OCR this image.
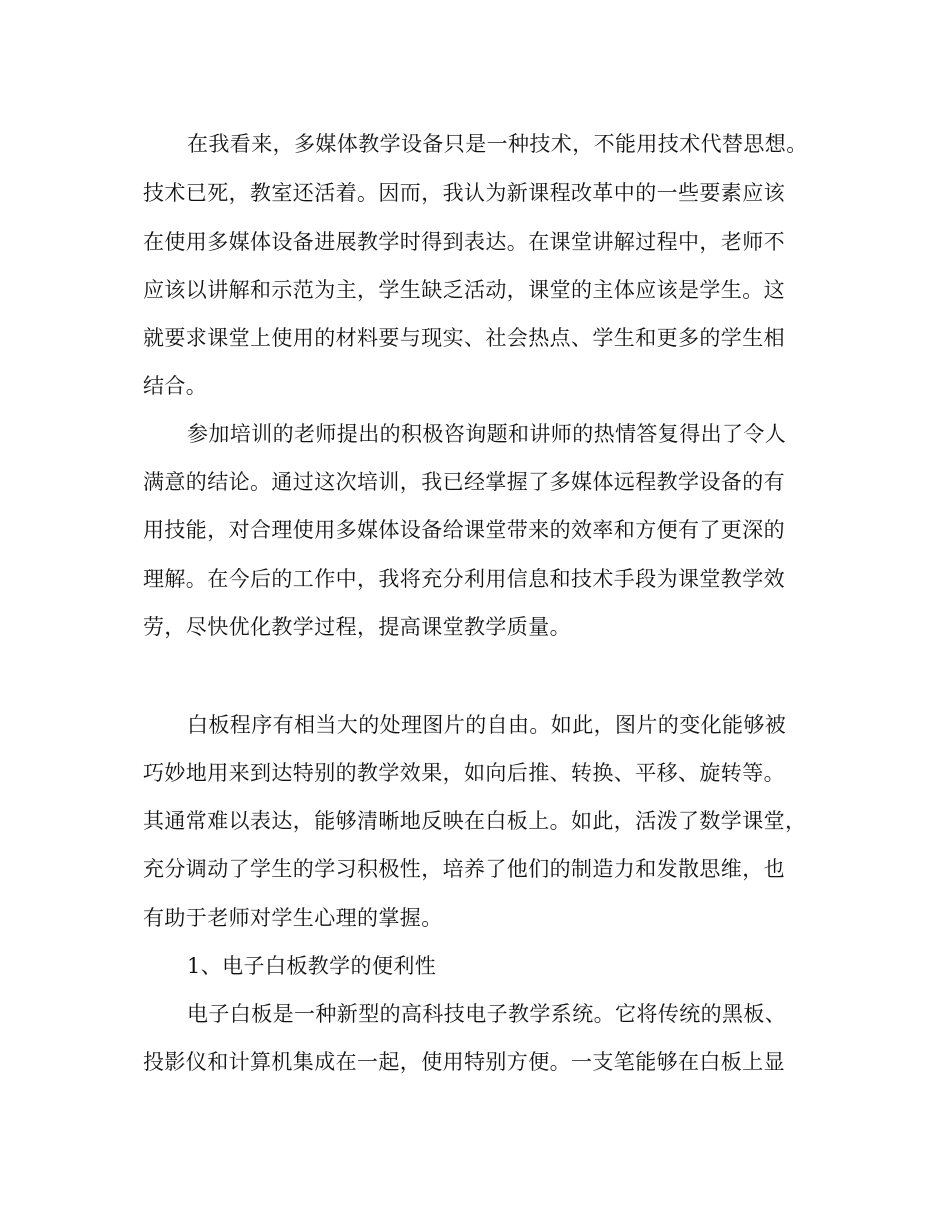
在我看来，多媒体教学设备只是一种技术，不能用技术代替思想。

技术已死，教室还活着。因而，我认为新课程改革中的一些要素应该

在使用多媒体设备进展教学时得到表达。在课堂讲解过程中，老师不

应该以讲解和示范为主，学生缺乏活动，课堂的主体应该是学生。这

就要求课堂上使用的材料要与现实、社会热点、学生和更多的学生相

结合。

参加培训的老师提出的积极咨询题和讲师的热情答复得出了令人

满意的结论。通过这次培训，我已经掌握了多媒体远程教学设备的有

用技能，对合理使用多媒体设备给课堂带来的效率和方便有了更深的

理解。在今后的工作中，我将充分利用信息和技术手段为课堂教学效

劳，尽快优化教学过程，提高课堂教学质量。

白板程序有相当大的处理图片的自由。如此，图片的变化能够被

巧妙地用来到达特别的教学效果，如向后推、转换、平移、旋转等。

其通常难以表达，能够清晰地反映在白板上。如此，活泼了数学课堂，

充分调动了学生的学习积极性，培养了他们的制造力和发散思维，也

有助于老师对学生心理的掌握。

1、电子白板教学的便利性

电子白板是一种新型的高科技电子教学系统。它将传统的黑板、

投影仪和计算机集成在一起，使用特别方便。一支笔能够在白板上显
